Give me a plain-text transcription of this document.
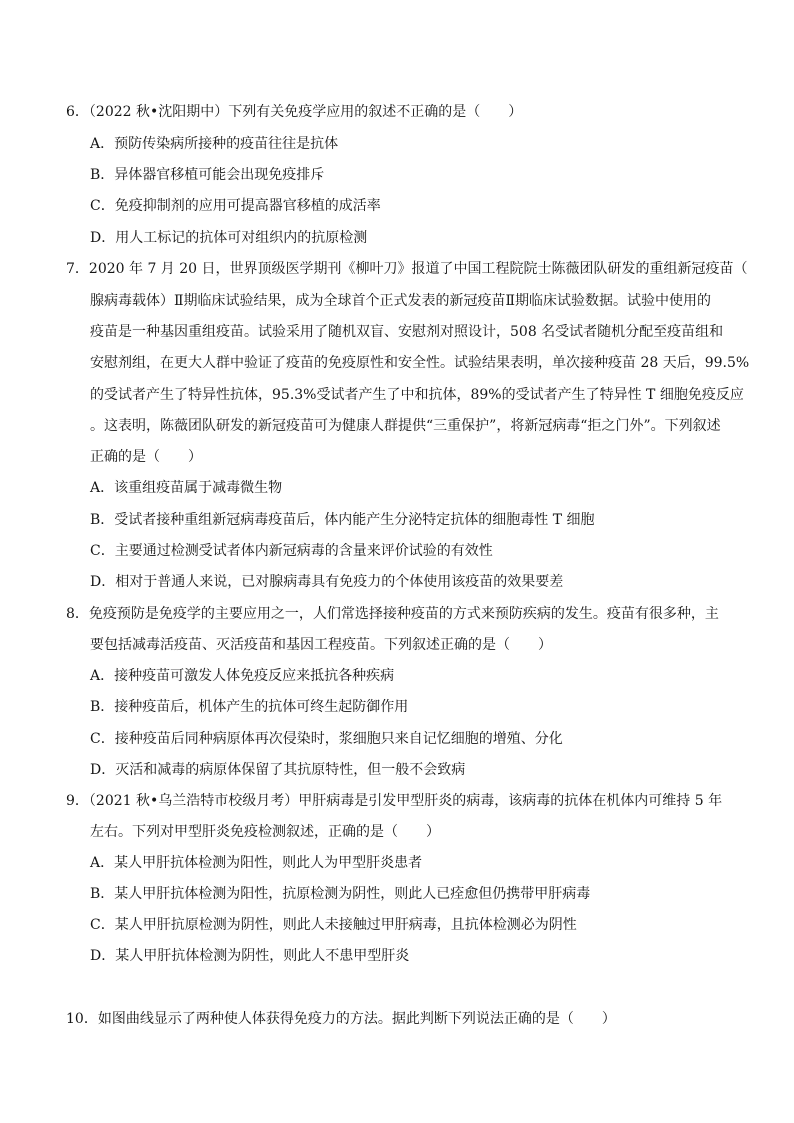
6．（2022 秋•沈阳期中）下列有关免疫学应用的叙述不正确的是（　　）
A．预防传染病所接种的疫苗往往是抗体
B．异体器官移植可能会出现免疫排斥
C．免疫抑制剂的应用可提高器官移植的成活率
D．用人工标记的抗体可对组织内的抗原检测
7．2020 年 7 月 20 日，世界顶级医学期刊《柳叶刀》报道了中国工程院院士陈薇团队研发的重组新冠疫苗（
腺病毒载体）Ⅱ期临床试验结果，成为全球首个正式发表的新冠疫苗Ⅱ期临床试验数据。试验中使用的
疫苗是一种基因重组疫苗。试验采用了随机双盲、安慰剂对照设计，508 名受试者随机分配至疫苗组和
安慰剂组，在更大人群中验证了疫苗的免疫原性和安全性。试验结果表明，单次接种疫苗 28 天后，99.5%
的受试者产生了特异性抗体，95.3%受试者产生了中和抗体，89%的受试者产生了特异性 T 细胞免疫反应
。这表明，陈薇团队研发的新冠疫苗可为健康人群提供“三重保护”，将新冠病毒“拒之门外”。下列叙述
正确的是（　　）
A．该重组疫苗属于减毒微生物
B．受试者接种重组新冠病毒疫苗后，体内能产生分泌特定抗体的细胞毒性 T 细胞
C．主要通过检测受试者体内新冠病毒的含量来评价试验的有效性
D．相对于普通人来说，已对腺病毒具有免疫力的个体使用该疫苗的效果要差
8．免疫预防是免疫学的主要应用之一，人们常选择接种疫苗的方式来预防疾病的发生。疫苗有很多种，主
要包括减毒活疫苗、灭活疫苗和基因工程疫苗。下列叙述正确的是（　　）
A．接种疫苗可激发人体免疫反应来抵抗各种疾病
B．接种疫苗后，机体产生的抗体可终生起防御作用
C．接种疫苗后同种病原体再次侵染时，浆细胞只来自记忆细胞的增殖、分化
D．灭活和减毒的病原体保留了其抗原特性，但一般不会致病
9．（2021 秋•乌兰浩特市校级月考）甲肝病毒是引发甲型肝炎的病毒，该病毒的抗体在机体内可维持 5 年
左右。下列对甲型肝炎免疫检测叙述，正确的是（　　）
A．某人甲肝抗体检测为阳性，则此人为甲型肝炎患者
B．某人甲肝抗体检测为阳性，抗原检测为阴性，则此人已痊愈但仍携带甲肝病毒
C．某人甲肝抗原检测为阴性，则此人未接触过甲肝病毒，且抗体检测必为阴性
D．某人甲肝抗体检测为阴性，则此人不患甲型肝炎
10．如图曲线显示了两种使人体获得免疫力的方法。据此判断下列说法正确的是（　　）
